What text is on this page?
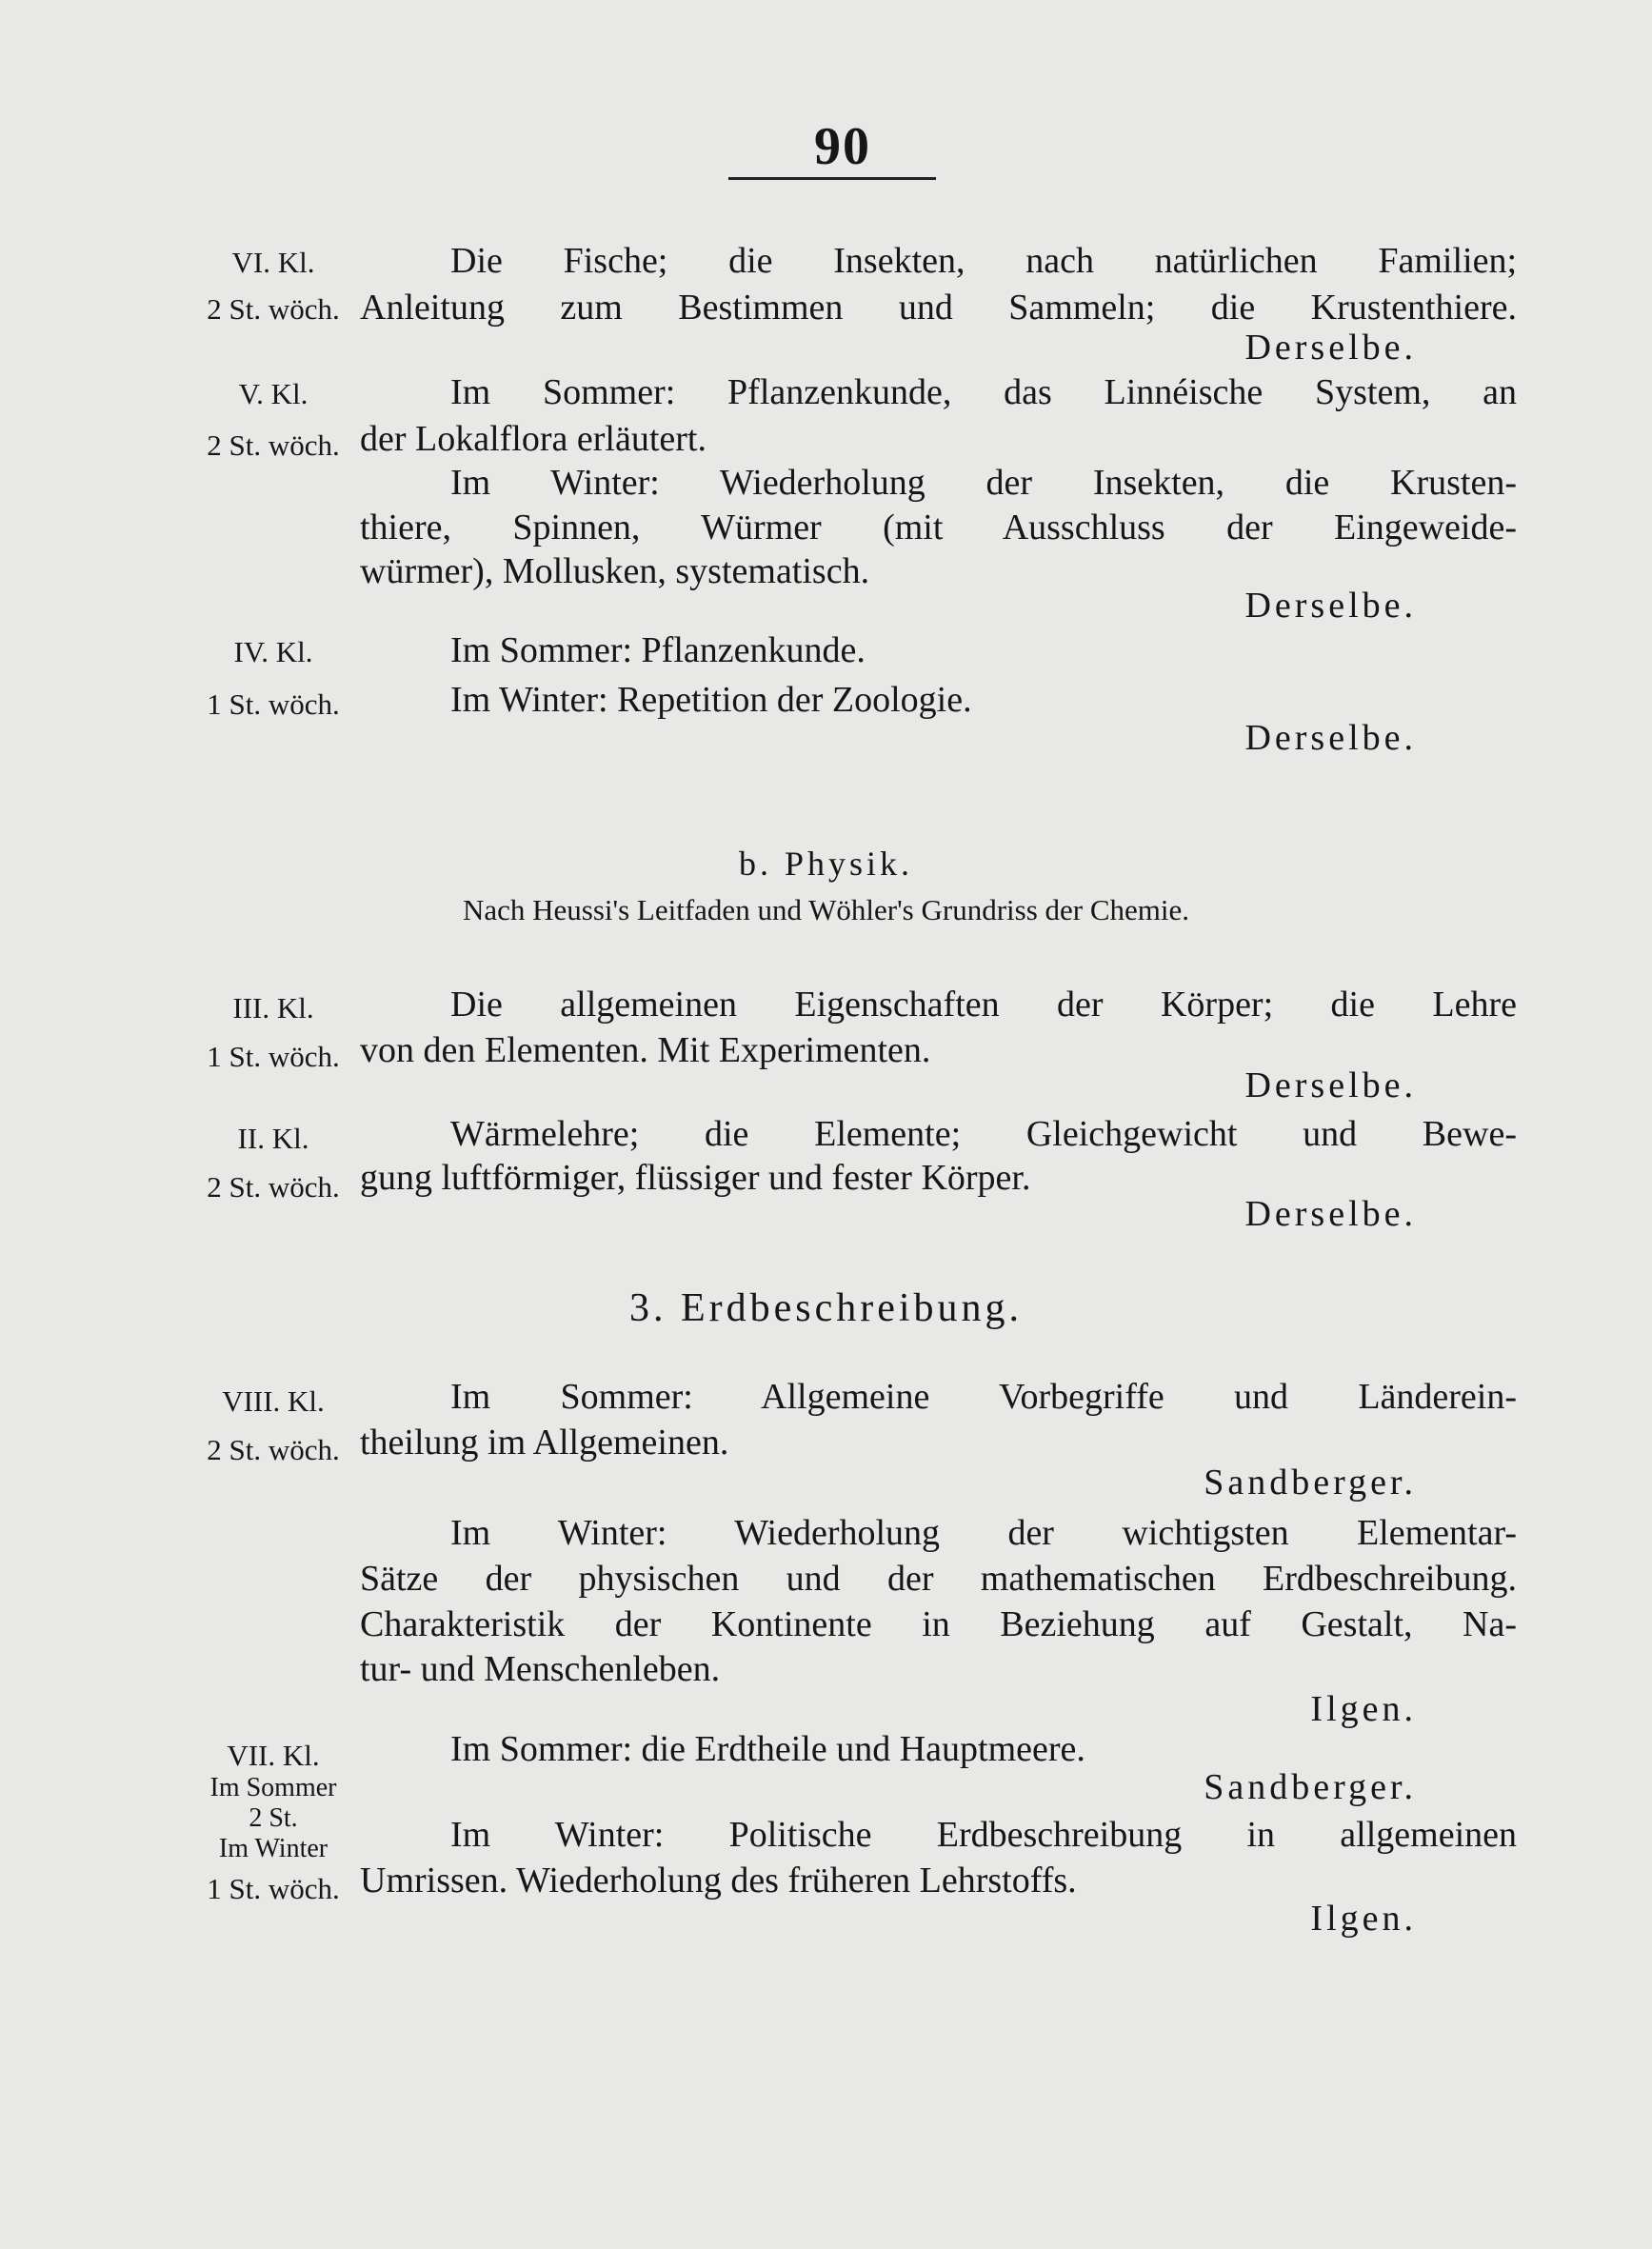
90
VI. Kl.
2 St. wöch.
Die Fische; die Insekten, nach natürlichen Familien;
Anleitung zum Bestimmen und Sammeln; die Krustenthiere.
Derselbe.
V. Kl.
2 St. wöch.
Im Sommer: Pflanzenkunde, das Linnéische System, an
der Lokalflora erläutert.
Im Winter: Wiederholung der Insekten, die Krusten-
thiere, Spinnen, Würmer (mit Ausschluss der Eingeweide-
würmer), Mollusken, systematisch.
Derselbe.
IV. Kl.
1 St. wöch.
Im Sommer: Pflanzenkunde.
Im Winter: Repetition der Zoologie.
Derselbe.
b. Physik.
Nach Heussi's Leitfaden und Wöhler's Grundriss der Chemie.
III. Kl.
1 St. wöch.
Die allgemeinen Eigenschaften der Körper; die Lehre
von den Elementen. Mit Experimenten.
Derselbe.
II. Kl.
2 St. wöch.
Wärmelehre; die Elemente; Gleichgewicht und Bewe-
gung luftförmiger, flüssiger und fester Körper.
Derselbe.
3. Erdbeschreibung.
VIII. Kl.
2 St. wöch.
Im Sommer: Allgemeine Vorbegriffe und Länderein-
theilung im Allgemeinen.
Sandberger.
Im Winter: Wiederholung der wichtigsten Elementar-
Sätze der physischen und der mathematischen Erdbeschreibung.
Charakteristik der Kontinente in Beziehung auf Gestalt, Na-
tur- und Menschenleben.
Ilgen.
VII. Kl.
Im Sommer
2 St.
Im Winter
1 St. wöch.
Im Sommer: die Erdtheile und Hauptmeere.
Sandberger.
Im Winter: Politische Erdbeschreibung in allgemeinen
Umrissen. Wiederholung des früheren Lehrstoffs.
Ilgen.
